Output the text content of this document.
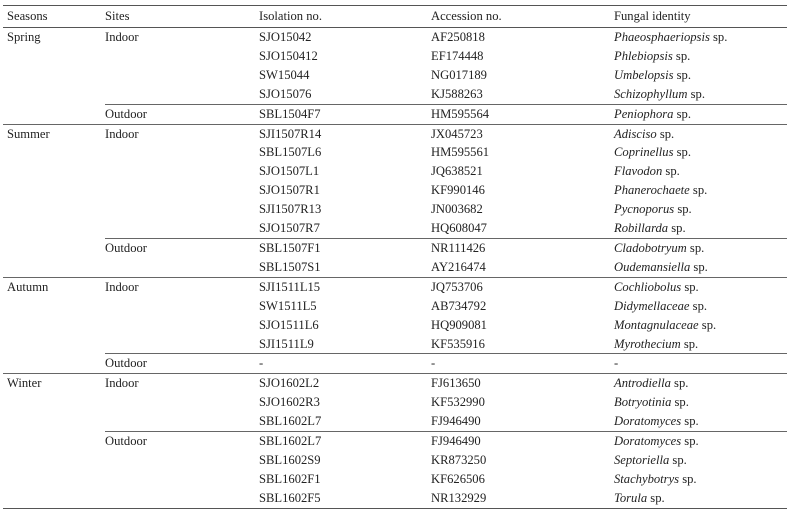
Seasons	Sites	Isolation no.	Accession no.	Fungal identity
Spring	Indoor	SJO15042	AF250818	Phaeosphaeriopsis sp.
		SJO150412	EF174448	Phlebiopsis sp.
		SW15044	NG017189	Umbelopsis sp.
		SJO15076	KJ588263	Schizophyllum sp.
	Outdoor	SBL1504F7	HM595564	Peniophora sp.
Summer	Indoor	SJI1507R14	JX045723	Adisciso sp.
		SBL1507L6	HM595561	Coprinellus sp.
		SJO1507L1	JQ638521	Flavodon sp.
		SJO1507R1	KF990146	Phanerochaete sp.
		SJI1507R13	JN003682	Pycnoporus sp.
		SJO1507R7	HQ608047	Robillarda sp.
	Outdoor	SBL1507F1	NR111426	Cladobotryum sp.
		SBL1507S1	AY216474	Oudemansiella sp.
Autumn	Indoor	SJI1511L15	JQ753706	Cochliobolus sp.
		SW1511L5	AB734792	Didymellaceae sp.
		SJO1511L6	HQ909081	Montagnulaceae sp.
		SJI1511L9	KF535916	Myrothecium sp.
	Outdoor	-	-	-
Winter	Indoor	SJO1602L2	FJ613650	Antrodiella sp.
		SJO1602R3	KF532990	Botryotinia sp.
		SBL1602L7	FJ946490	Doratomyces sp.
	Outdoor	SBL1602L7	FJ946490	Doratomyces sp.
		SBL1602S9	KR873250	Septoriella sp.
		SBL1602F1	KF626506	Stachybotrys sp.
		SBL1602F5	NR132929	Torula sp.
